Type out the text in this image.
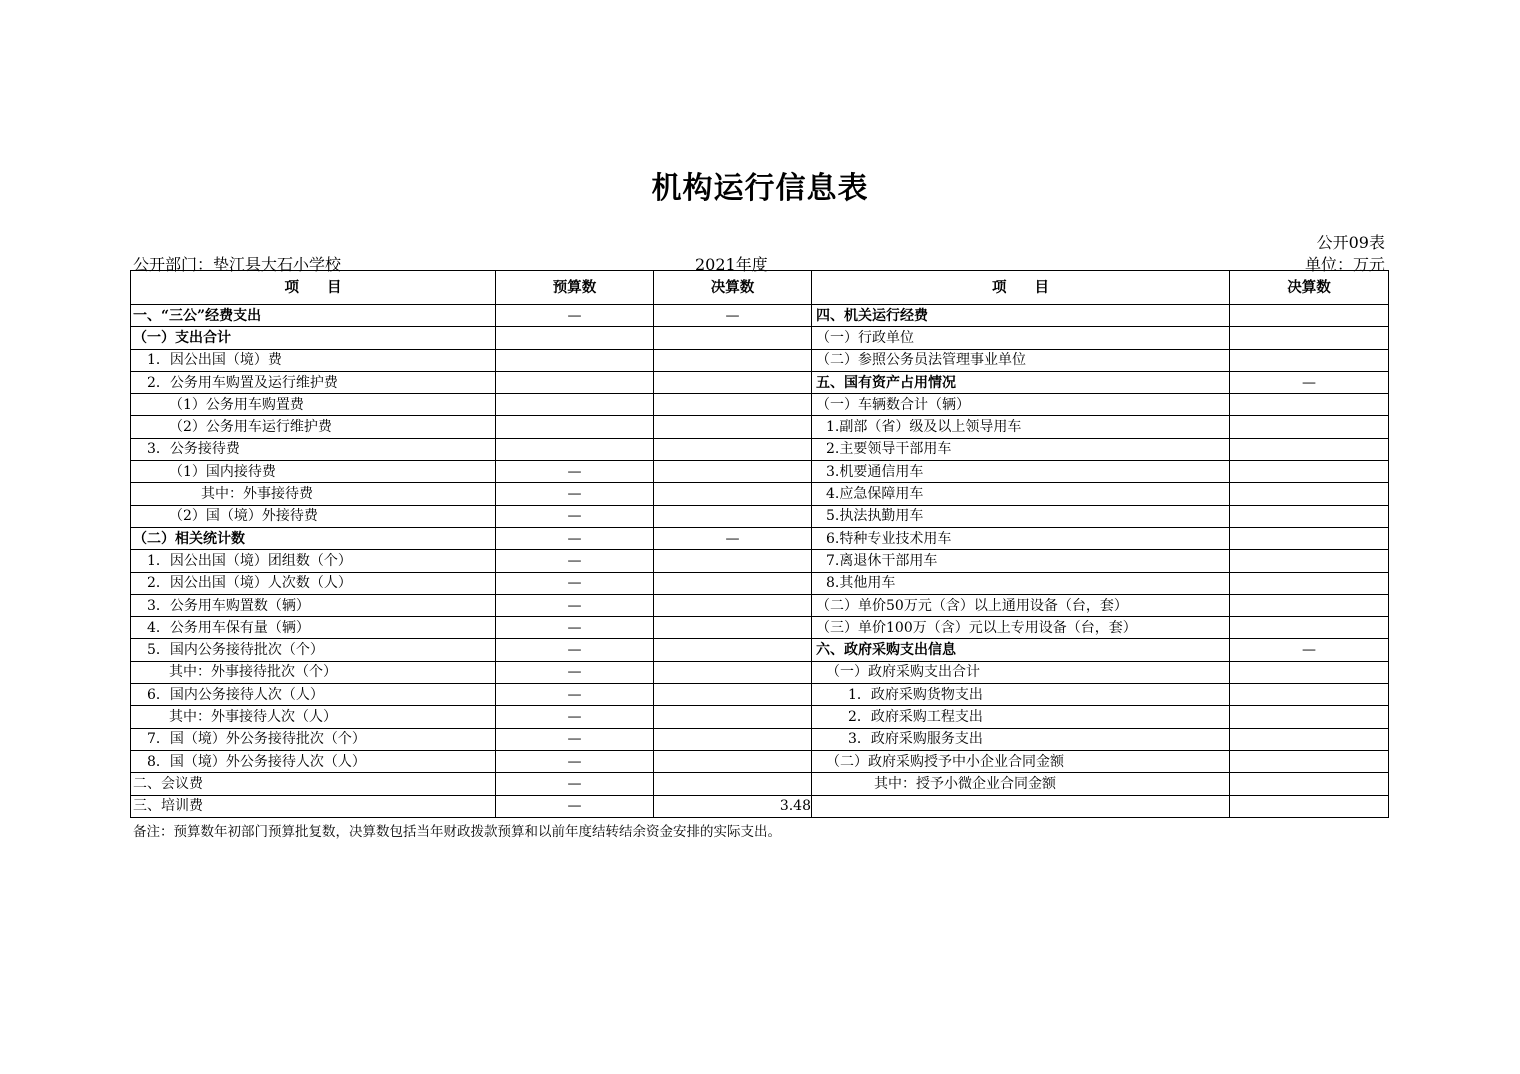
机构运行信息表
公开09表
公开部门：垫江县大石小学校	2021年度	单位：万元
项 目	预算数	决算数	项 目	决算数
一、“三公”经费支出	—	—	四、机关运行经费	
（一）支出合计			（一）行政单位	
1．因公出国（境）费			（二）参照公务员法管理事业单位	
2．公务用车购置及运行维护费			五、国有资产占用情况	—
（1）公务用车购置费			（一）车辆数合计（辆）	
（2）公务用车运行维护费			1.副部（省）级及以上领导用车	
3．公务接待费			2.主要领导干部用车	
（1）国内接待费	—		3.机要通信用车	
其中：外事接待费	—		4.应急保障用车	
（2）国（境）外接待费	—		5.执法执勤用车	
（二）相关统计数	—	—	6.特种专业技术用车	
1．因公出国（境）团组数（个）	—		7.离退休干部用车	
2．因公出国（境）人次数（人）	—		8.其他用车	
3．公务用车购置数（辆）	—		（二）单价50万元（含）以上通用设备（台，套）	
4．公务用车保有量（辆）	—		（三）单价100万（含）元以上专用设备（台，套）	
5．国内公务接待批次（个）	—		六、政府采购支出信息	—
其中：外事接待批次（个）	—		（一）政府采购支出合计	
6．国内公务接待人次（人）	—		1．政府采购货物支出	
其中：外事接待人次（人）	—		2．政府采购工程支出	
7．国（境）外公务接待批次（个）	—		3．政府采购服务支出	
8．国（境）外公务接待人次（人）	—		（二）政府采购授予中小企业合同金额	
二、会议费	—		其中：授予小微企业合同金额	
三、培训费	—	3.48		
备注：预算数年初部门预算批复数，决算数包括当年财政拨款预算和以前年度结转结余资金安排的实际支出。
